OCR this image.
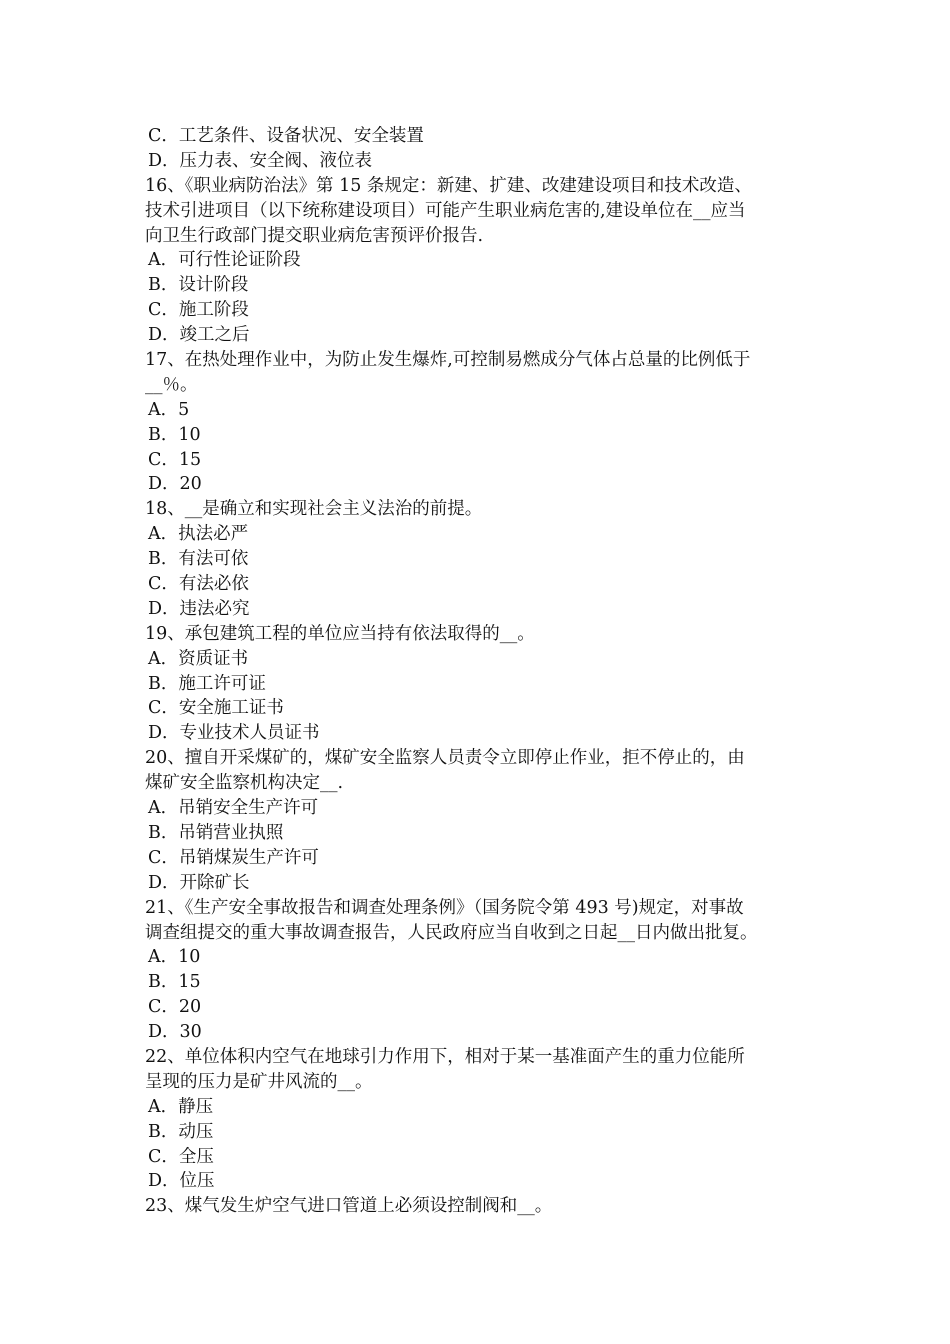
C．工艺条件、设备状况、安全装置
D．压力表、安全阀、液位表
16、《职业病防治法》第 15 条规定：新建、扩建、改建建设项目和技术改造、
技术引进项目（以下统称建设项目）可能产生职业病危害的,建设单位在__应当
向卫生行政部门提交职业病危害预评价报告.
A．可行性论证阶段
B．设计阶段
C．施工阶段
D．竣工之后
17、在热处理作业中，为防止发生爆炸,可控制易燃成分气体占总量的比例低于
__％。
A．5
B．10
C．15
D．20
18、__是确立和实现社会主义法治的前提。
A．执法必严
B．有法可依
C．有法必依
D．违法必究
19、承包建筑工程的单位应当持有依法取得的__。
A．资质证书
B．施工许可证
C．安全施工证书
D．专业技术人员证书
20、擅自开采煤矿的，煤矿安全监察人员责令立即停止作业，拒不停止的，由
煤矿安全监察机构决定__.
A．吊销安全生产许可
B．吊销营业执照
C．吊销煤炭生产许可
D．开除矿长
21、《生产安全事故报告和调查处理条例》（国务院令第 493 号)规定，对事故
调查组提交的重大事故调查报告，人民政府应当自收到之日起__日内做出批复。
A．10
B．15
C．20
D．30
22、单位体积内空气在地球引力作用下，相对于某一基准面产生的重力位能所
呈现的压力是矿井风流的__。
A．静压
B．动压
C．全压
D．位压
23、煤气发生炉空气进口管道上必须设控制阀和__。
